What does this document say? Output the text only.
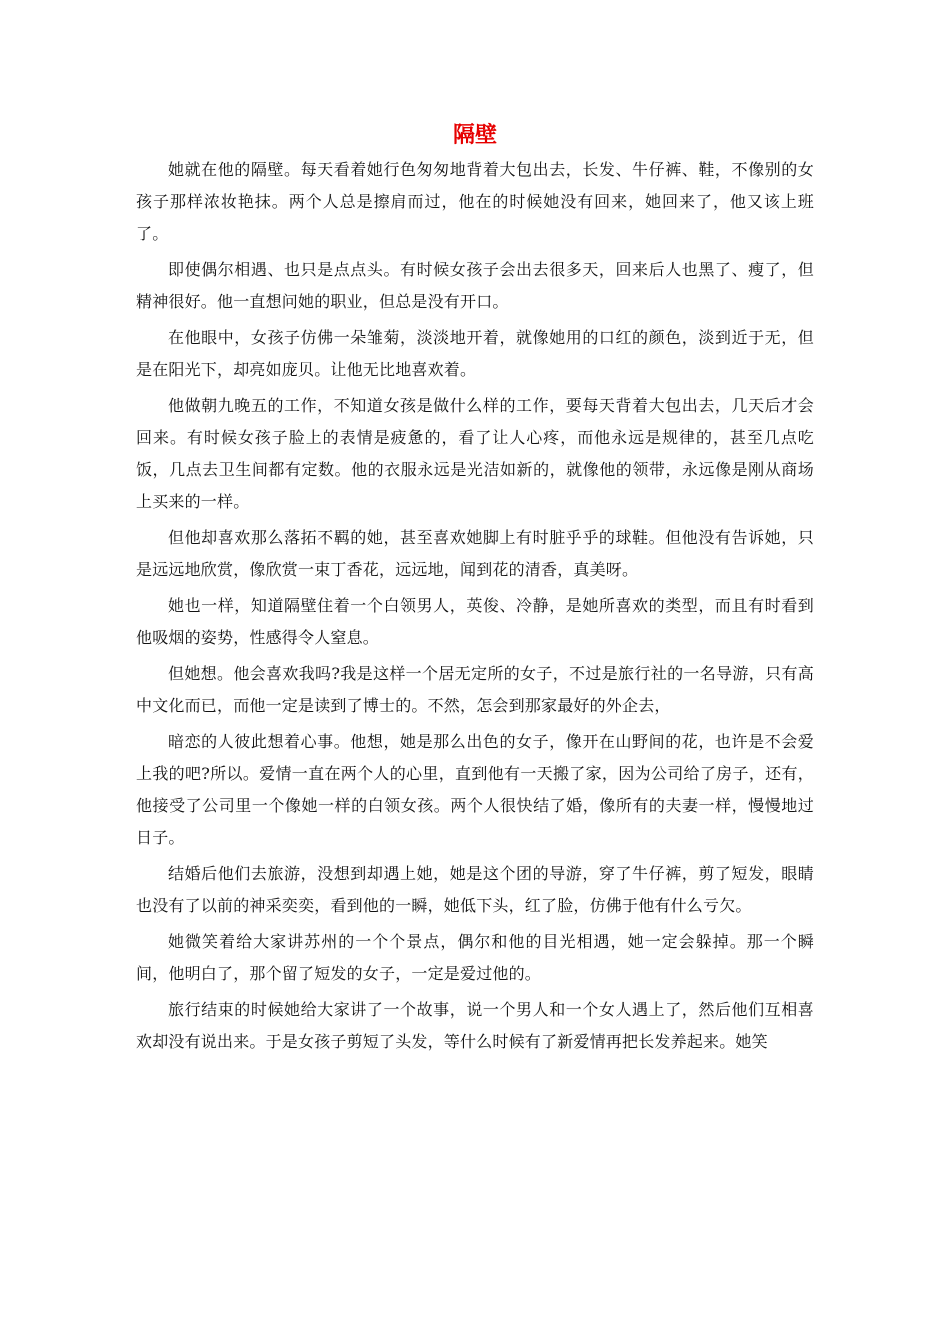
隔壁

她就在他的隔壁。每天看着她行色匆匆地背着大包出去，长发、牛仔裤、鞋，不像别的女孩子那样浓妆艳抹。两个人总是擦肩而过，他在的时候她没有回来，她回来了，他又该上班了。

即使偶尔相遇、也只是点点头。有时候女孩子会出去很多天，回来后人也黑了、瘦了，但精神很好。他一直想问她的职业，但总是没有开口。

在他眼中，女孩子仿佛一朵雏菊，淡淡地开着，就像她用的口红的颜色，淡到近于无，但是在阳光下，却亮如庞贝。让他无比地喜欢着。

他做朝九晚五的工作，不知道女孩是做什么样的工作，要每天背着大包出去，几天后才会回来。有时候女孩子脸上的表情是疲惫的，看了让人心疼，而他永远是规律的，甚至几点吃饭，几点去卫生间都有定数。他的衣服永远是光洁如新的，就像他的领带，永远像是刚从商场上买来的一样。

但他却喜欢那么落拓不羁的她，甚至喜欢她脚上有时脏乎乎的球鞋。但他没有告诉她，只是远远地欣赏，像欣赏一束丁香花，远远地，闻到花的清香，真美呀。

她也一样，知道隔壁住着一个白领男人，英俊、冷静，是她所喜欢的类型，而且有时看到他吸烟的姿势，性感得令人窒息。

但她想。他会喜欢我吗?我是这样一个居无定所的女子，不过是旅行社的一名导游，只有高中文化而已，而他一定是读到了博士的。不然，怎会到那家最好的外企去，

暗恋的人彼此想着心事。他想，她是那么出色的女子，像开在山野间的花，也许是不会爱上我的吧?所以。爱情一直在两个人的心里，直到他有一天搬了家，因为公司给了房子，还有，他接受了公司里一个像她一样的白领女孩。两个人很快结了婚，像所有的夫妻一样，慢慢地过日子。

结婚后他们去旅游，没想到却遇上她，她是这个团的导游，穿了牛仔裤，剪了短发，眼睛也没有了以前的神采奕奕，看到他的一瞬，她低下头，红了脸，仿佛于他有什么亏欠。

她微笑着给大家讲苏州的一个个景点，偶尔和他的目光相遇，她一定会躲掉。那一个瞬间，他明白了，那个留了短发的女子，一定是爱过他的。

旅行结束的时候她给大家讲了一个故事，说一个男人和一个女人遇上了，然后他们互相喜欢却没有说出来。于是女孩子剪短了头发，等什么时候有了新爱情再把长发养起来。她笑
